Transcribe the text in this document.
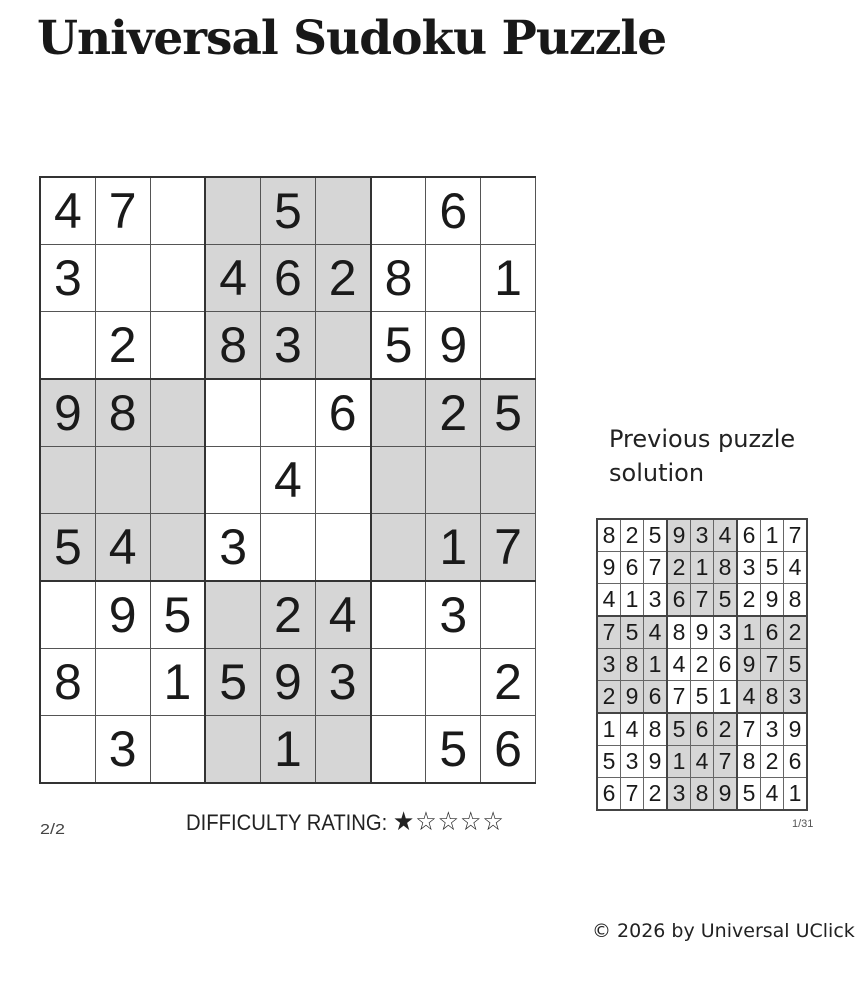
Universal Sudoku Puzzle
4	7			5			6	
3			4	6	2	8		1
	2		8	3		5	9	
9	8				6		2	5
				4				
5	4		3				1	7
	9	5		2	4		3	
8		1	5	9	3			2
	3			1			5	6
2/2	DIFFICULTY RATING: ★☆☆☆☆
Previous puzzle solution
8	2	5	9	3	4	6	1	7
9	6	7	2	1	8	3	5	4
4	1	3	6	7	5	2	9	8
7	5	4	8	9	3	1	6	2
3	8	1	4	2	6	9	7	5
2	9	6	7	5	1	4	8	3
1	4	8	5	6	2	7	3	9
5	3	9	1	4	7	8	2	6
6	7	2	3	8	9	5	4	1
1/31
© 2026 by Universal UClick
